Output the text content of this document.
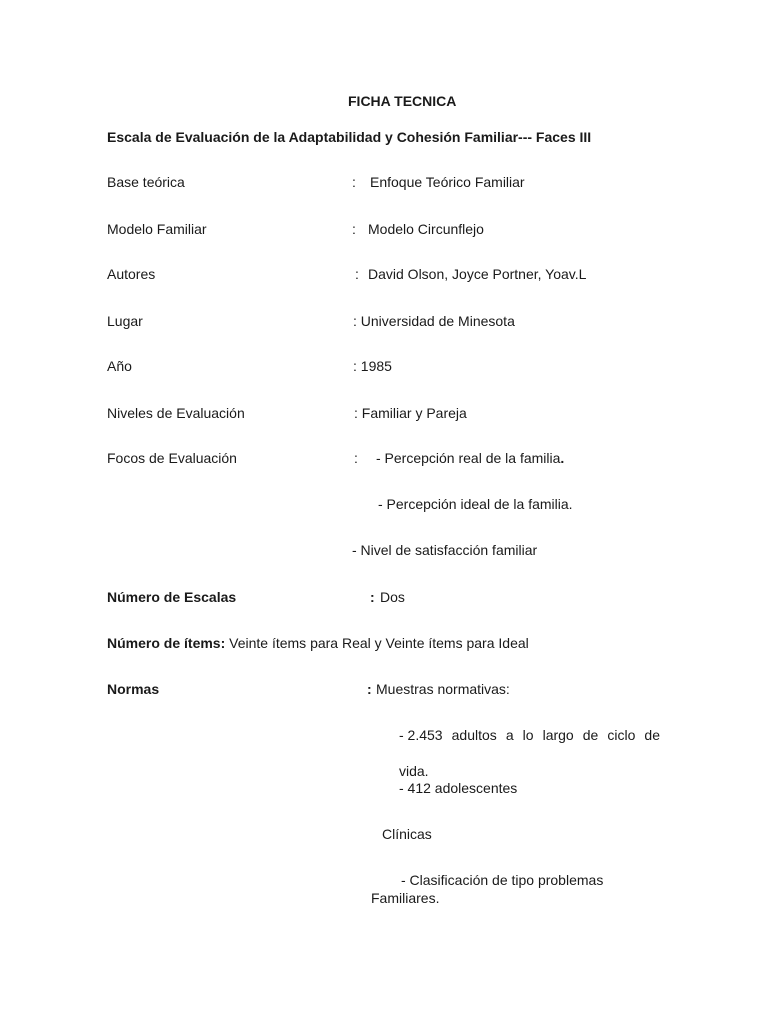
FICHA TECNICA
Escala de Evaluación de la Adaptabilidad y Cohesión Familiar--- Faces III
Base teórica	: Enfoque Teórico Familiar
Modelo Familiar	: Modelo Circunflejo
Autores	: David Olson, Joyce Portner, Yoav.L
Lugar	: Universidad de Minesota
Año	: 1985
Niveles de Evaluación	: Familiar y Pareja
Focos de Evaluación	: - Percepción real de la familia.
- Percepción ideal de la familia.
- Nivel de satisfacción familiar
Número de Escalas	: Dos
Número de ítems: Veinte ítems para Real y Veinte ítems para Ideal
Normas	: Muestras normativas:
- 2.453 adultos a lo largo de ciclo de
vida.
- 412 adolescentes
Clínicas
- Clasificación de tipo problemas
Familiares.
